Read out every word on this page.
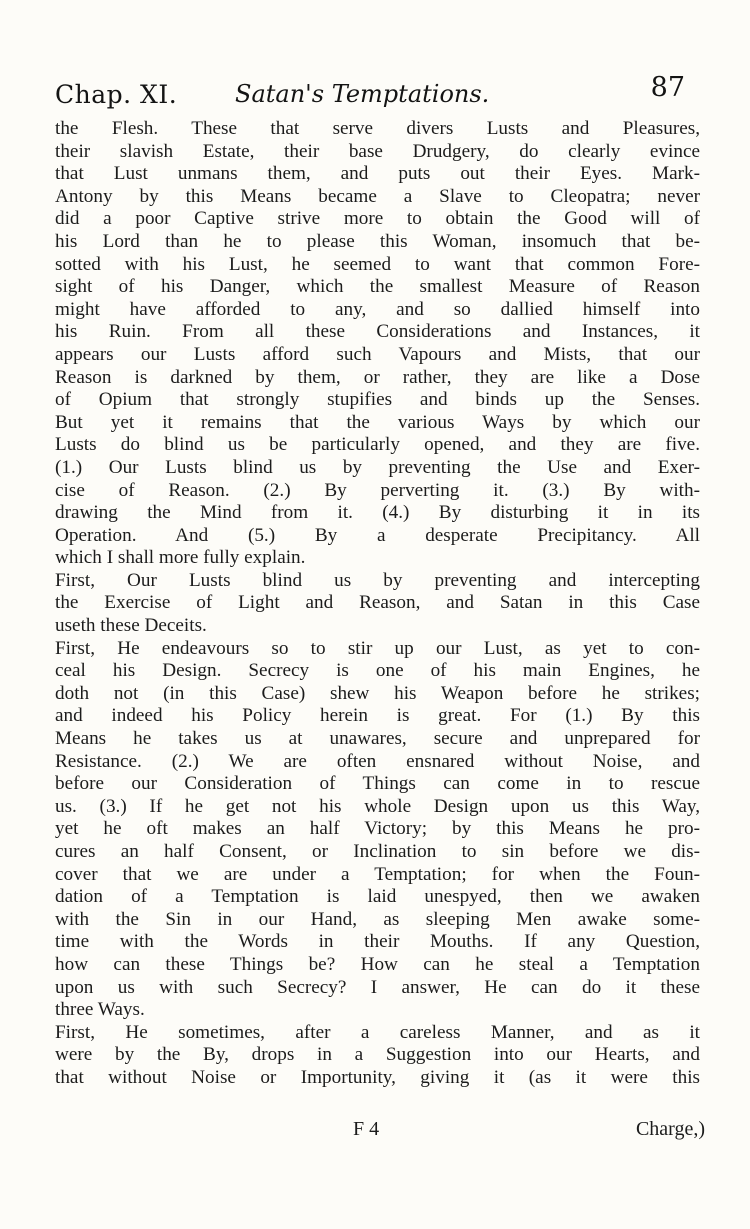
Chap. XI. Satan's Temptations.	87
the Flesh. These that serve divers Lusts and Pleasures,
their slavish Estate, their base Drudgery, do clearly evince
that Lust unmans them, and puts out their Eyes. Mark-
Antony by this Means became a Slave to Cleopatra; never
did a poor Captive strive more to obtain the Good will of
his Lord than he to please this Woman, insomuch that be-
sotted with his Lust, he seemed to want that common Fore-
sight of his Danger, which the smallest Measure of Reason
might have afforded to any, and so dallied himself into
his Ruin. From all these Considerations and Instances, it
appears our Lusts afford such Vapours and Mists, that our
Reason is darkned by them, or rather, they are like a Dose
of Opium that strongly stupifies and binds up the Senses.
But yet it remains that the various Ways by which our
Lusts do blind us be particularly opened, and they are five.
(1.) Our Lusts blind us by preventing the Use and Exer-
cise of Reason. (2.) By perverting it. (3.) By with-
drawing the Mind from it. (4.) By disturbing it in its
Operation. And (5.) By a desperate Precipitancy. All
which I shall more fully explain.
First, Our Lusts blind us by preventing and intercepting
the Exercise of Light and Reason, and Satan in this Case
useth these Deceits.
First, He endeavours so to stir up our Lust, as yet to con-
ceal his Design. Secrecy is one of his main Engines, he
doth not (in this Case) shew his Weapon before he strikes;
and indeed his Policy herein is great. For (1.) By this
Means he takes us at unawares, secure and unprepared for
Resistance. (2.) We are often ensnared without Noise, and
before our Consideration of Things can come in to rescue
us. (3.) If he get not his whole Design upon us this Way,
yet he oft makes an half Victory; by this Means he pro-
cures an half Consent, or Inclination to sin before we dis-
cover that we are under a Temptation; for when the Foun-
dation of a Temptation is laid unespyed, then we awaken
with the Sin in our Hand, as sleeping Men awake some-
time with the Words in their Mouths. If any Question,
how can these Things be? How can he steal a Temptation
upon us with such Secrecy? I answer, He can do it these
three Ways.
First, He sometimes, after a careless Manner, and as it
were by the By, drops in a Suggestion into our Hearts, and
that without Noise or Importunity, giving it (as it were this
F 4	Charge,)
